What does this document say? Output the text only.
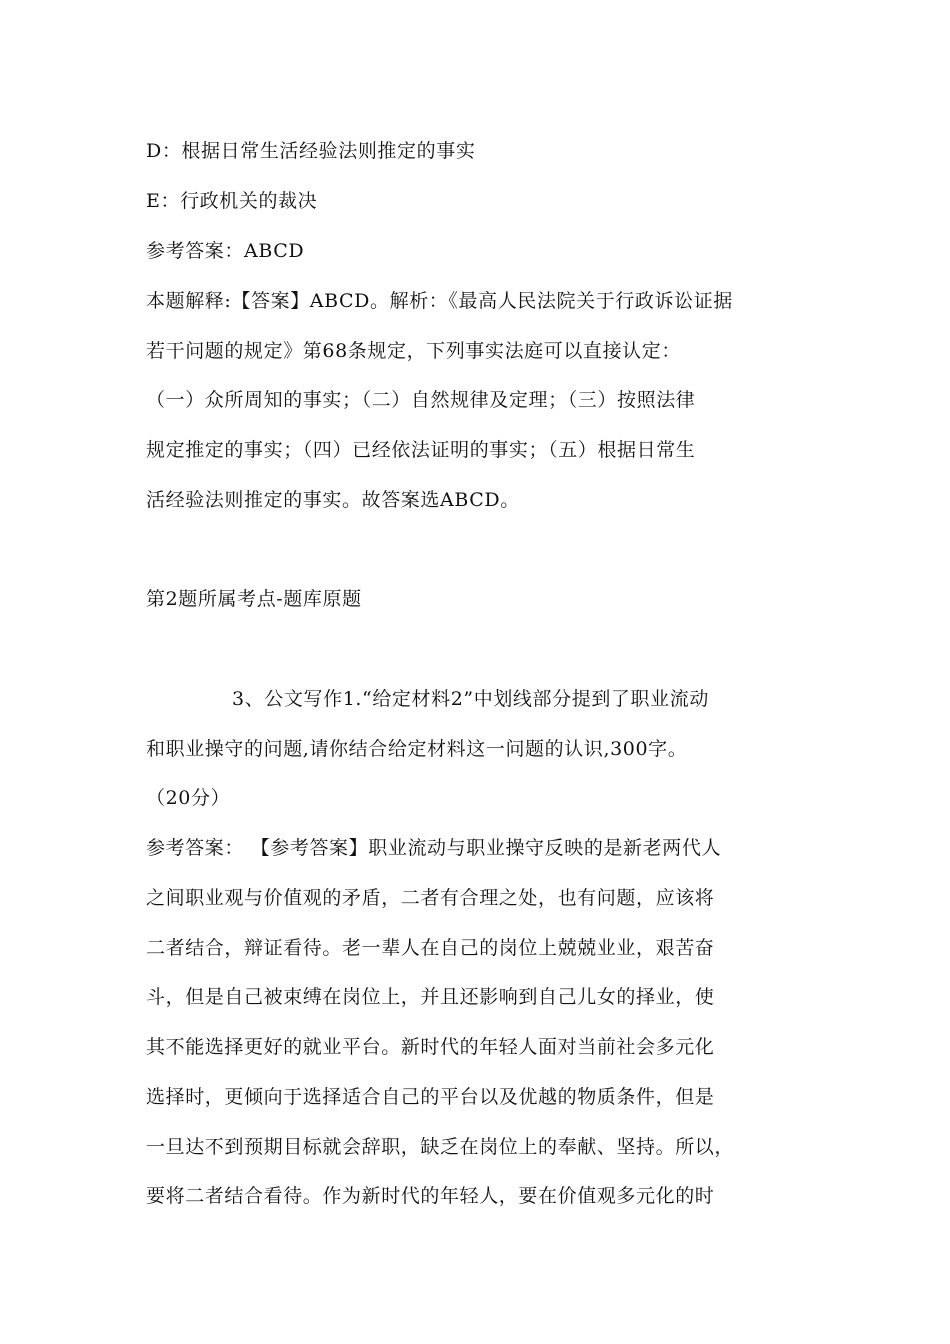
D：根据日常生活经验法则推定的事实
E：行政机关的裁决
参考答案：ABCD
本题解释:【答案】ABCD。解析：《最高人民法院关于行政诉讼证据
若干问题的规定》第68条规定，下列事实法庭可以直接认定：
（一）众所周知的事实；（二）自然规律及定理；（三）按照法律
规定推定的事实；（四）已经依法证明的事实；（五）根据日常生
活经验法则推定的事实。故答案选ABCD。
第2题所属考点-题库原题
3、公文写作1.“给定材料2”中划线部分提到了职业流动
和职业操守的问题,请你结合给定材料这一问题的认识,300字。
（20分）
参考答案： 【参考答案】职业流动与职业操守反映的是新老两代人
之间职业观与价值观的矛盾，二者有合理之处，也有问题，应该将
二者结合，辩证看待。老一辈人在自己的岗位上兢兢业业，艰苦奋
斗，但是自己被束缚在岗位上，并且还影响到自己儿女的择业，使
其不能选择更好的就业平台。新时代的年轻人面对当前社会多元化
选择时，更倾向于选择适合自己的平台以及优越的物质条件，但是
一旦达不到预期目标就会辞职，缺乏在岗位上的奉献、坚持。所以，
要将二者结合看待。作为新时代的年轻人，要在价值观多元化的时
